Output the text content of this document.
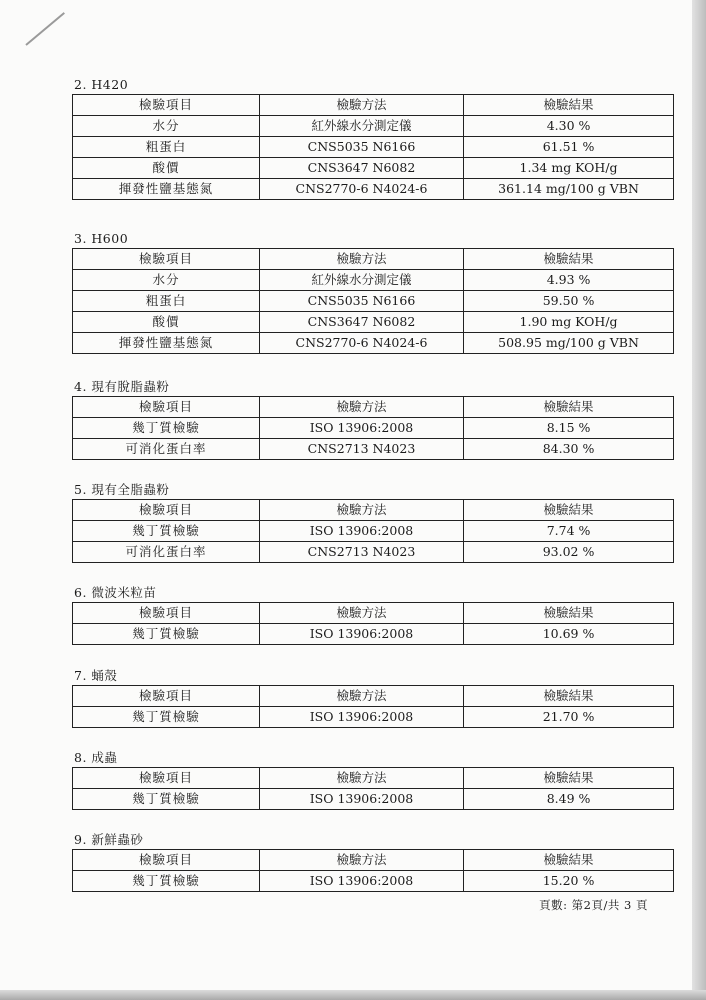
2. H420
檢驗項目	檢驗方法	檢驗結果
水分	紅外線水分測定儀	4.30 %
粗蛋白	CNS5035 N6166	61.51 %
酸價	CNS3647 N6082	1.34 mg KOH/g
揮發性鹽基態氮	CNS2770-6 N4024-6	361.14 mg/100 g VBN
3. H600
檢驗項目	檢驗方法	檢驗結果
水分	紅外線水分測定儀	4.93 %
粗蛋白	CNS5035 N6166	59.50 %
酸價	CNS3647 N6082	1.90 mg KOH/g
揮發性鹽基態氮	CNS2770-6 N4024-6	508.95 mg/100 g VBN
4. 現有脫脂蟲粉
檢驗項目	檢驗方法	檢驗結果
幾丁質檢驗	ISO 13906:2008	8.15 %
可消化蛋白率	CNS2713 N4023	84.30 %
5. 現有全脂蟲粉
檢驗項目	檢驗方法	檢驗結果
幾丁質檢驗	ISO 13906:2008	7.74 %
可消化蛋白率	CNS2713 N4023	93.02 %
6. 微波米粒苗
檢驗項目	檢驗方法	檢驗結果
幾丁質檢驗	ISO 13906:2008	10.69 %
7. 蛹殼
檢驗項目	檢驗方法	檢驗結果
幾丁質檢驗	ISO 13906:2008	21.70 %
8. 成蟲
檢驗項目	檢驗方法	檢驗結果
幾丁質檢驗	ISO 13906:2008	8.49 %
9. 新鮮蟲砂
檢驗項目	檢驗方法	檢驗結果
幾丁質檢驗	ISO 13906:2008	15.20 %
頁數: 第2頁/共 3 頁
